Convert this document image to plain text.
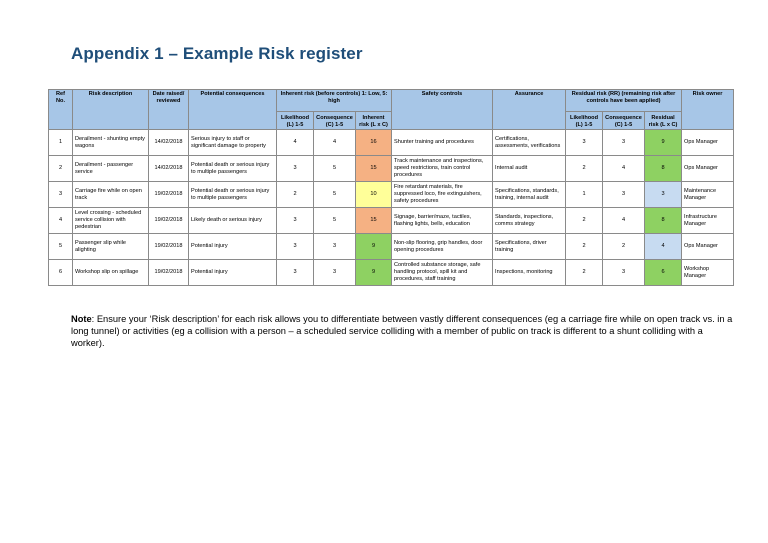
Appendix 1 – Example Risk register
Ref No.	Risk description	Date raised/ reviewed	Potential consequences	Inherent risk (before controls) 1: Low, 5: high			Safety controls	Assurance	Residual risk (RR) (remaining risk after controls have been applied)			Risk owner
				Likelihood (L) 1-5	Consequence (C) 1-5	Inherent risk (L x C)			Likelihood (L) 1-5	Consequence (C) 1-5	Residual risk (L x C)	
1	Derailment - shunting empty wagons	14/02/2018	Serious injury to staff or significant damage to property	4	4	16	Shunter training and procedures	Certifications, assessments, verifications	3	3	9	Ops Manager
2	Derailment - passenger service	14/02/2018	Potential death or serious injury to multiple passengers	3	5	15	Track maintenance and inspections, speed restrictions, train control procedures	Internal audit	2	4	8	Ops Manager
3	Carriage fire while on open track	19/02/2018	Potential death or serious injury to multiple passengers	2	5	10	Fire retardant materials, fire suppressed loco, fire extinguishers, safety procedures	Specifications, standards, training, internal audit	1	3	3	Maintenance Manager
4	Level crossing - scheduled service collision with pedestrian	19/02/2018	Likely death or serious injury	3	5	15	Signage, barrier/maze, tactiles, flashing lights, bells, education	Standards, inspections, comms strategy	2	4	8	Infrastructure Manager
5	Passenger slip while alighting	19/02/2018	Potential injury	3	3	9	Non-slip flooring, grip handles, door opening procedures	Specifications, driver training	2	2	4	Ops Manager
6	Workshop slip on spillage	19/02/2018	Potential injury	3	3	9	Controlled substance storage, safe handling protocol, spill kit and procedures, staff training	Inspections, monitoring	2	3	6	Workshop Manager
Note: Ensure your ‘Risk description’ for each risk allows you to differentiate between vastly different consequences (eg a carriage fire while on open track vs. in a long tunnel) or activities (eg a collision with a person – a scheduled service colliding with a member of public on track is different to a shunt colliding with a worker).
